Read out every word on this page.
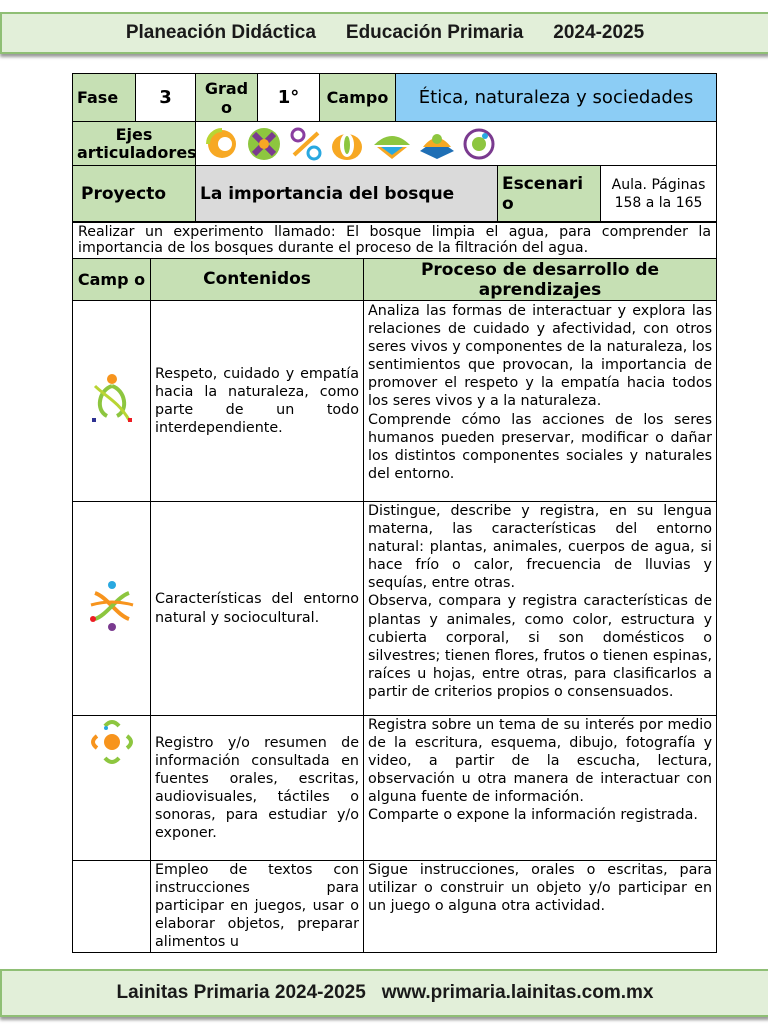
Planeación Didáctica Educación Primaria 2024-2025
Fase	3	Grad o	1°	Campo	Ética, naturaleza y sociedades		
Ejes articuladores	
Proyecto		La importancia del bosque				Escenari o	Aula. Páginas 158 a la 165
Realizar un experimento llamado: El bosque limpia el agua, para comprender la importancia de los bosques durante el proceso de la filtración del agua.		
Camp o	Contenidos	Proceso de desarrollo de aprendizajes
	Respeto, cuidado y empatía hacia la naturaleza, como parte de un todo interdependiente.	Analiza las formas de interactuar y explora las relaciones de cuidado y afectividad, con otros seres vivos y componentes de la naturaleza, los sentimientos que provocan, la importancia de promover el respeto y la empatía hacia todos los seres vivos y a la naturaleza.
Comprende cómo las acciones de los seres humanos pueden preservar, modificar o dañar los distintos componentes sociales y naturales del entorno.
	Características del entorno natural y sociocultural.	Distingue, describe y registra, en su lengua materna, las características del entorno natural: plantas, animales, cuerpos de agua, si hace frío o calor, frecuencia de lluvias y sequías, entre otras.
Observa, compara y registra características de plantas y animales, como color, estructura y cubierta corporal, si son domésticos o silvestres; tienen flores, frutos o tienen espinas, raíces u hojas, entre otras, para clasificarlos a partir de criterios propios o consensuados.
	Registro y/o resumen de información consultada en fuentes orales, escritas, audiovisuales, táctiles o sonoras, para estudiar y/o exponer.	Registra sobre un tema de su interés por medio de la escritura, esquema, dibujo, fotografía y video, a partir de la escucha, lectura, observación u otra manera de interactuar con alguna fuente de información.
Comparte o expone la información registrada.

	Empleo de textos con instrucciones para participar en juegos, usar o elaborar objetos, preparar alimentos u	Sigue instrucciones, orales o escritas, para utilizar o construir un objeto y/o participar en un juego o alguna otra actividad.
Lainitas Primaria 2024-2025 www.primaria.lainitas.com.mx
